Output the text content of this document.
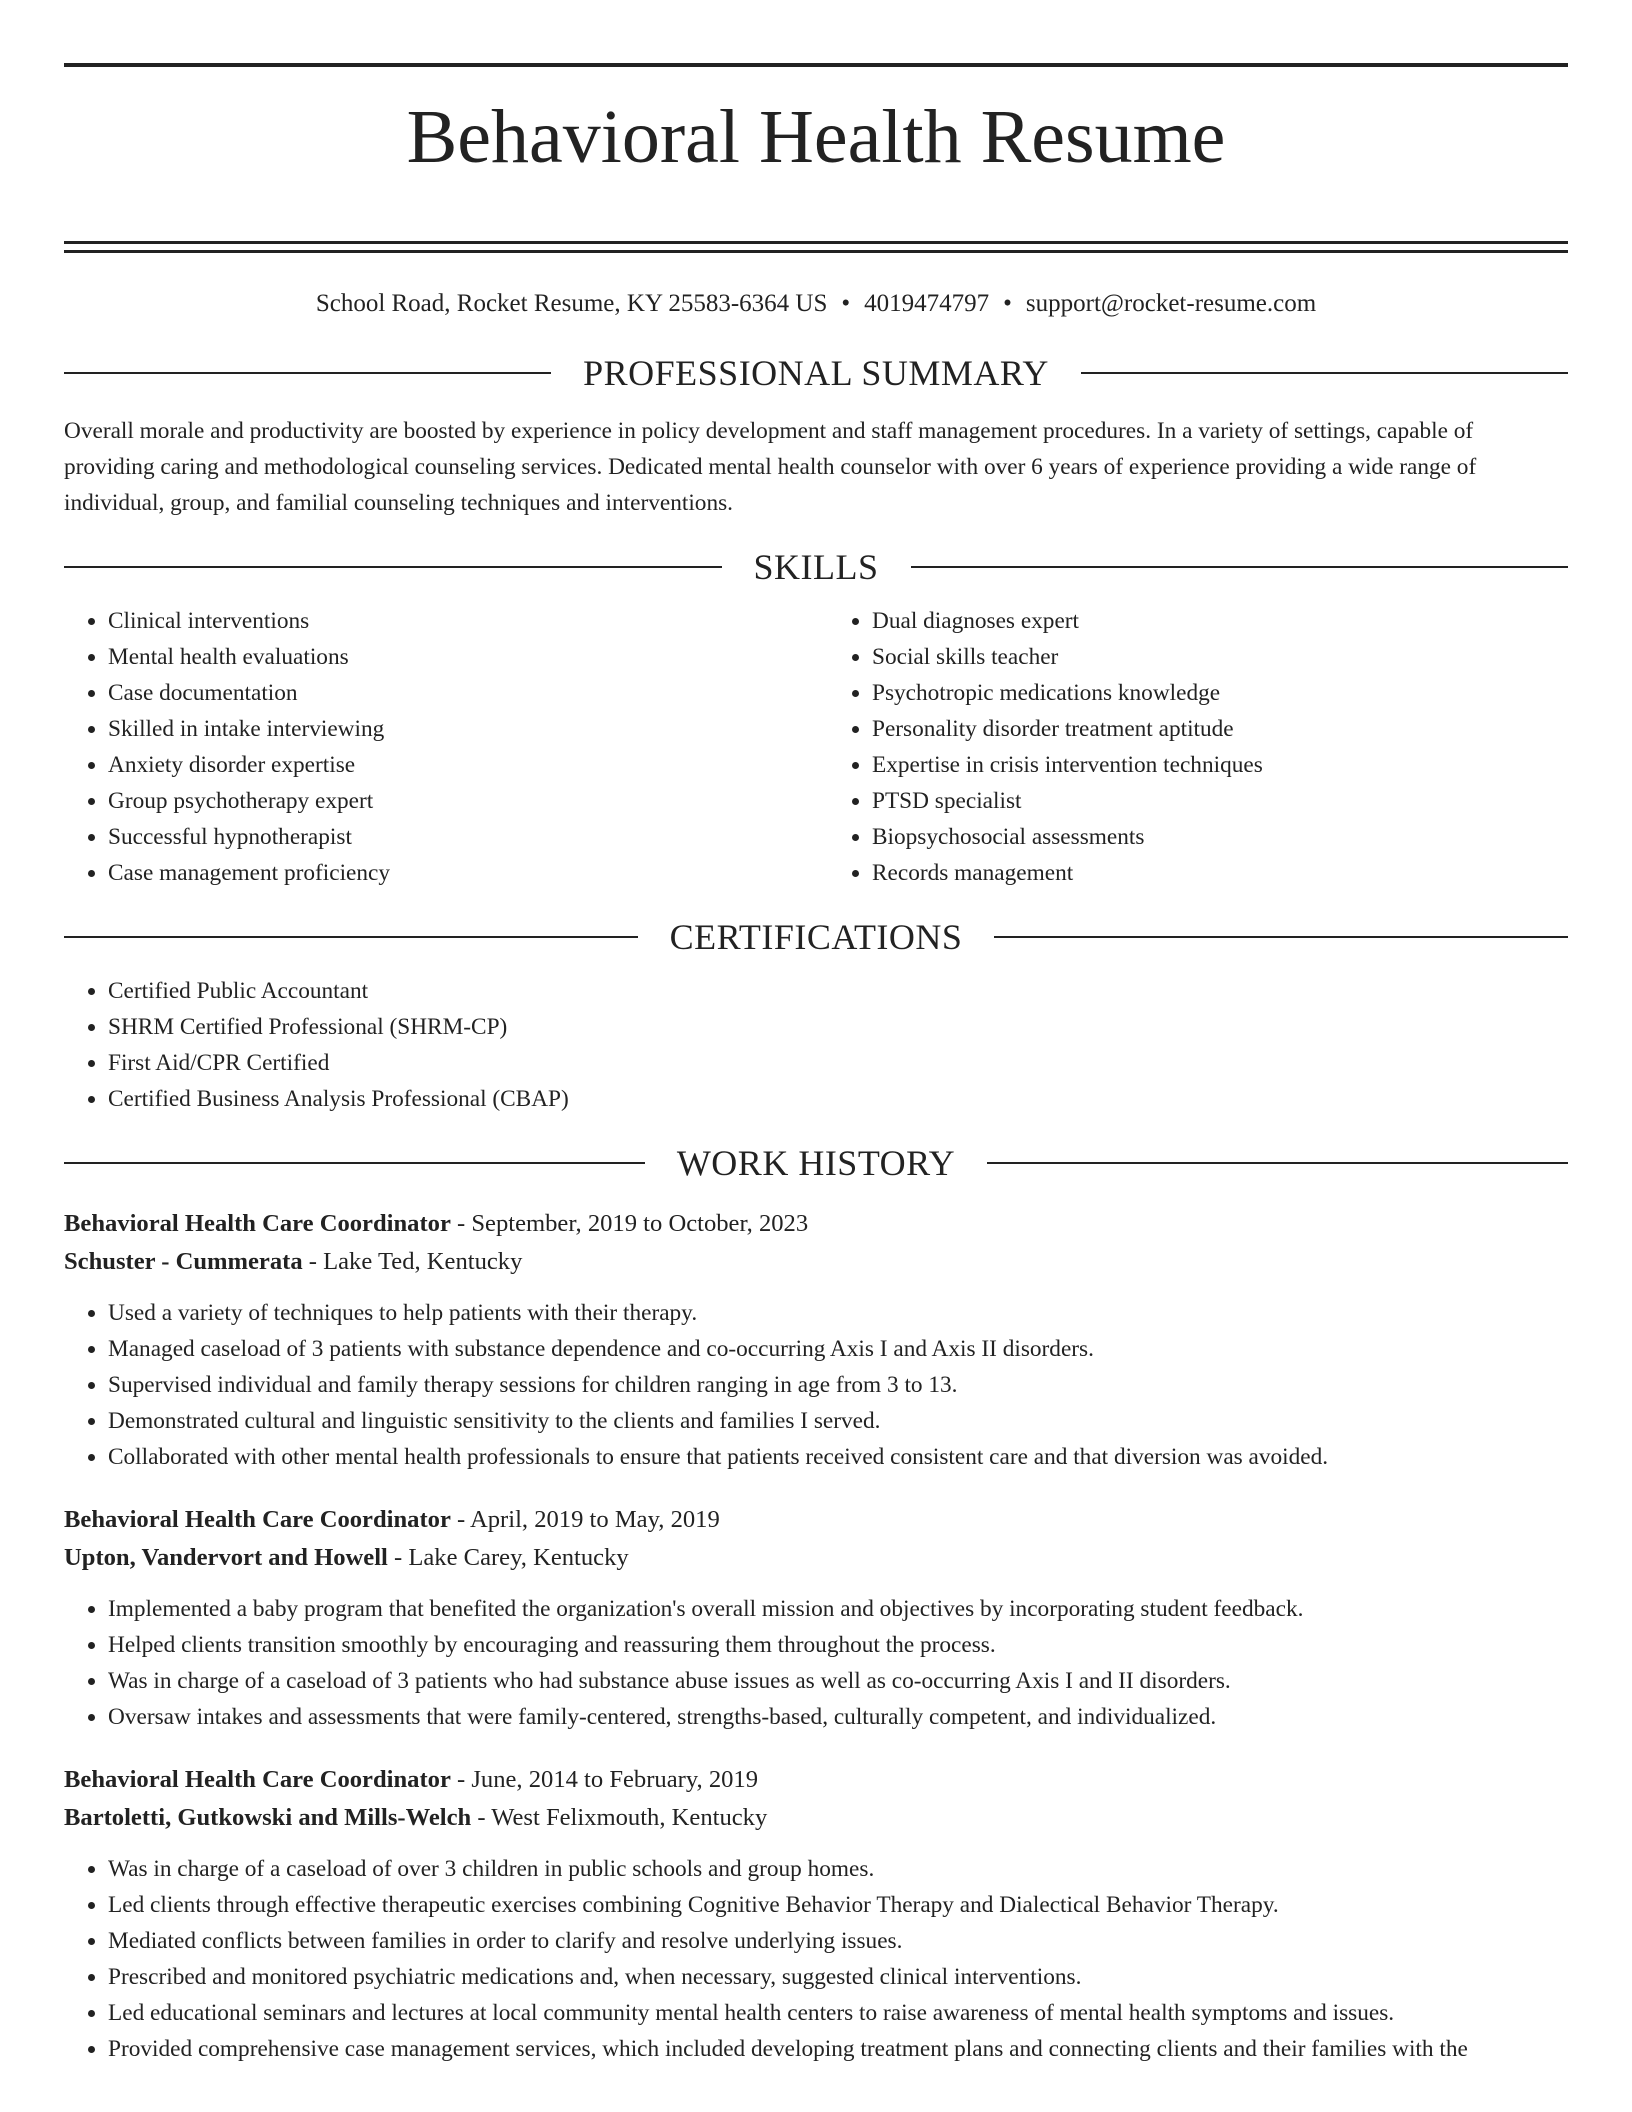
Behavioral Health Resume
School Road, Rocket Resume, KY 25583-6364 US • 4019474797 • support@rocket-resume.com
PROFESSIONAL SUMMARY
Overall morale and productivity are boosted by experience in policy development and staff management procedures. In a variety of settings, capable of providing caring and methodological counseling services. Dedicated mental health counselor with over 6 years of experience providing a wide range of individual, group, and familial counseling techniques and interventions.
SKILLS
• Clinical interventions
• Mental health evaluations
• Case documentation
• Skilled in intake interviewing
• Anxiety disorder expertise
• Group psychotherapy expert
• Successful hypnotherapist
• Case management proficiency
• Dual diagnoses expert
• Social skills teacher
• Psychotropic medications knowledge
• Personality disorder treatment aptitude
• Expertise in crisis intervention techniques
• PTSD specialist
• Biopsychosocial assessments
• Records management
CERTIFICATIONS
• Certified Public Accountant
• SHRM Certified Professional (SHRM-CP)
• First Aid/CPR Certified
• Certified Business Analysis Professional (CBAP)
WORK HISTORY
Behavioral Health Care Coordinator - September, 2019 to October, 2023
Schuster - Cummerata - Lake Ted, Kentucky
• Used a variety of techniques to help patients with their therapy.
• Managed caseload of 3 patients with substance dependence and co-occurring Axis I and Axis II disorders.
• Supervised individual and family therapy sessions for children ranging in age from 3 to 13.
• Demonstrated cultural and linguistic sensitivity to the clients and families I served.
• Collaborated with other mental health professionals to ensure that patients received consistent care and that diversion was avoided.
Behavioral Health Care Coordinator - April, 2019 to May, 2019
Upton, Vandervort and Howell - Lake Carey, Kentucky
• Implemented a baby program that benefited the organization's overall mission and objectives by incorporating student feedback.
• Helped clients transition smoothly by encouraging and reassuring them throughout the process.
• Was in charge of a caseload of 3 patients who had substance abuse issues as well as co-occurring Axis I and II disorders.
• Oversaw intakes and assessments that were family-centered, strengths-based, culturally competent, and individualized.
Behavioral Health Care Coordinator - June, 2014 to February, 2019
Bartoletti, Gutkowski and Mills-Welch - West Felixmouth, Kentucky
• Was in charge of a caseload of over 3 children in public schools and group homes.
• Led clients through effective therapeutic exercises combining Cognitive Behavior Therapy and Dialectical Behavior Therapy.
• Mediated conflicts between families in order to clarify and resolve underlying issues.
• Prescribed and monitored psychiatric medications and, when necessary, suggested clinical interventions.
• Led educational seminars and lectures at local community mental health centers to raise awareness of mental health symptoms and issues.
• Provided comprehensive case management services, which included developing treatment plans and connecting clients and their families with the
